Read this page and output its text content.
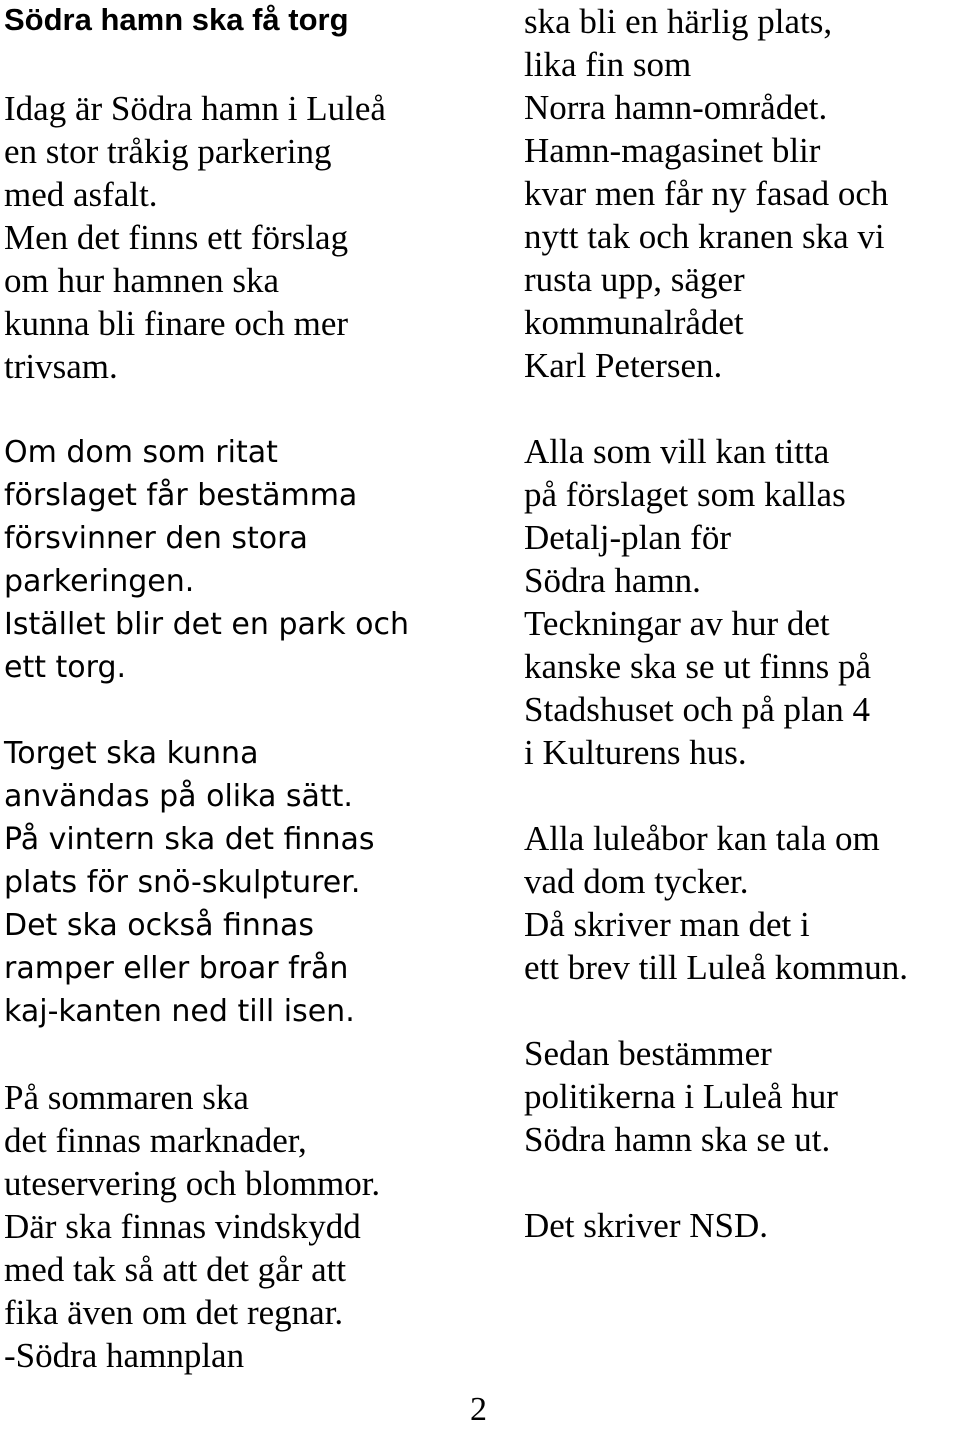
Södra hamn ska få torg

Idag är Södra hamn i Luleå
en stor tråkig parkering
med asfalt.
Men det finns ett förslag
om hur hamnen ska
kunna bli finare och mer
trivsam.

Om dom som ritat
förslaget får bestämma
försvinner den stora
parkeringen.
Istället blir det en park och
ett torg.

Torget ska kunna
användas på olika sätt.
På vintern ska det finnas
plats för snö-skulpturer.
Det ska också finnas
ramper eller broar från
kaj-kanten ned till isen.

På sommaren ska
det finnas marknader,
uteservering och blommor.
Där ska finnas vindskydd
med tak så att det går att
fika även om det regnar.
-Södra hamnplan

ska bli en härlig plats,
lika fin som
Norra hamn-området.
Hamn-magasinet blir
kvar men får ny fasad och
nytt tak och kranen ska vi
rusta upp, säger
kommunalrådet
Karl Petersen.

Alla som vill kan titta
på förslaget som kallas
Detalj-plan för
Södra hamn.
Teckningar av hur det
kanske ska se ut finns på
Stadshuset och på plan 4
i Kulturens hus.

Alla luleåbor kan tala om
vad dom tycker.
Då skriver man det i
ett brev till Luleå kommun.

Sedan bestämmer
politikerna i Luleå hur
Södra hamn ska se ut.

Det skriver NSD.

2
